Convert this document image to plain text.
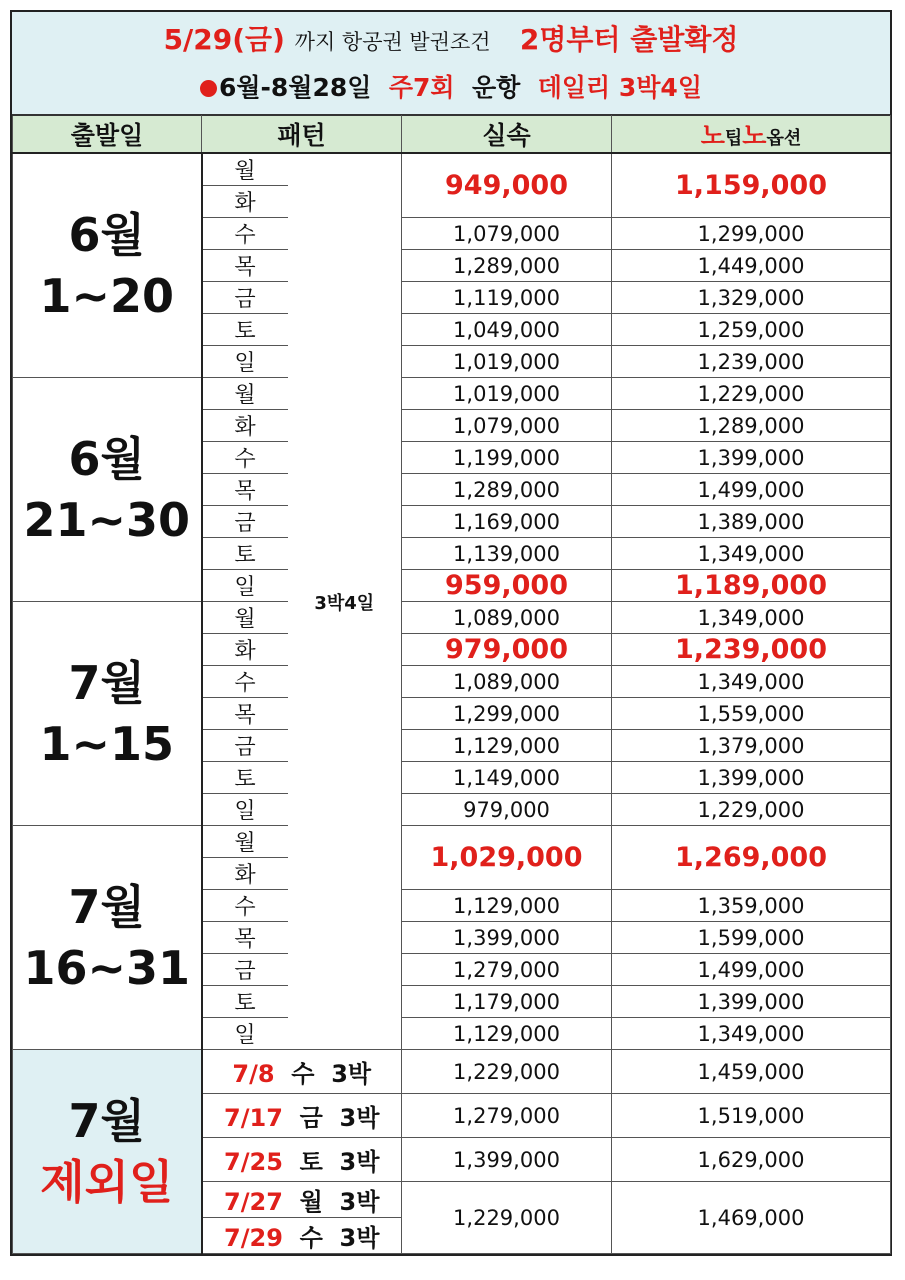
5/29(금) 까지 항공권 발권조건 2명부터 출발확정
6월-8월28일 주7회 운항 데일리 3박4일
출발일	패턴		실속	노팁노옵션

6월
1~20	월	3박4일	949,000	1,159,000
	화			
	수		1,079,000	1,299,000
	목		1,289,000	1,449,000
	금		1,119,000	1,329,000
	토		1,049,000	1,259,000
	일		1,019,000	1,239,000

6월
21~30	월		1,019,000	1,229,000
	화		1,079,000	1,289,000
	수		1,199,000	1,399,000
	목		1,289,000	1,499,000
	금		1,169,000	1,389,000
	토		1,139,000	1,349,000
	일		959,000	1,189,000

7월
1~15	월		1,089,000	1,349,000
	화		979,000	1,239,000
	수		1,089,000	1,349,000
	목		1,299,000	1,559,000
	금		1,129,000	1,379,000
	토		1,149,000	1,399,000
	일		979,000	1,229,000

7월
16~31	월		1,029,000	1,269,000
	화			
	수		1,129,000	1,359,000
	목		1,399,000	1,599,000
	금		1,279,000	1,499,000
	토		1,179,000	1,399,000
	일		1,129,000	1,349,000

7월
제외일	7/8 수 3박		1,229,000	1,459,000
	7/17 금 3박		1,279,000	1,519,000
	7/25 토 3박		1,399,000	1,629,000
	7/27 월 3박		1,229,000	1,469,000
	7/29 수 3박			
